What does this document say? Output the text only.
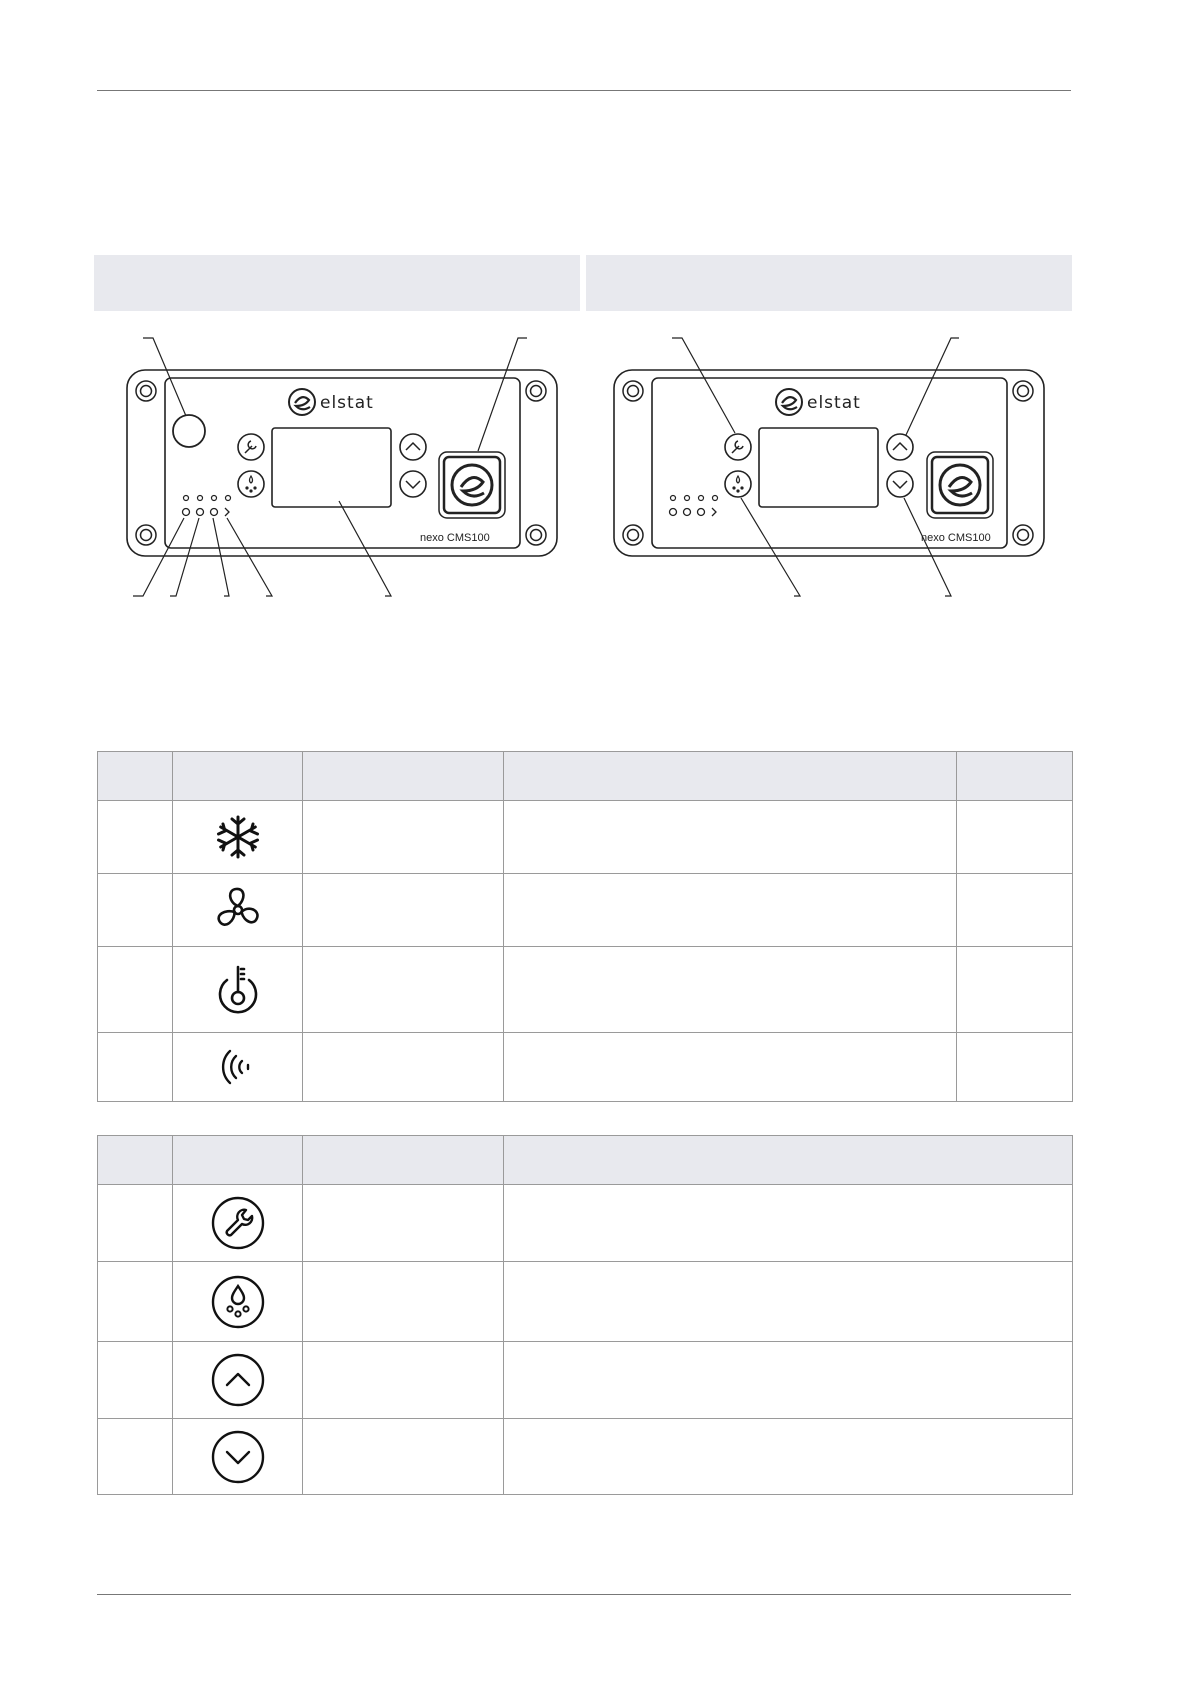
elstat
nexo CMS100
elstat
nexo CMS100
